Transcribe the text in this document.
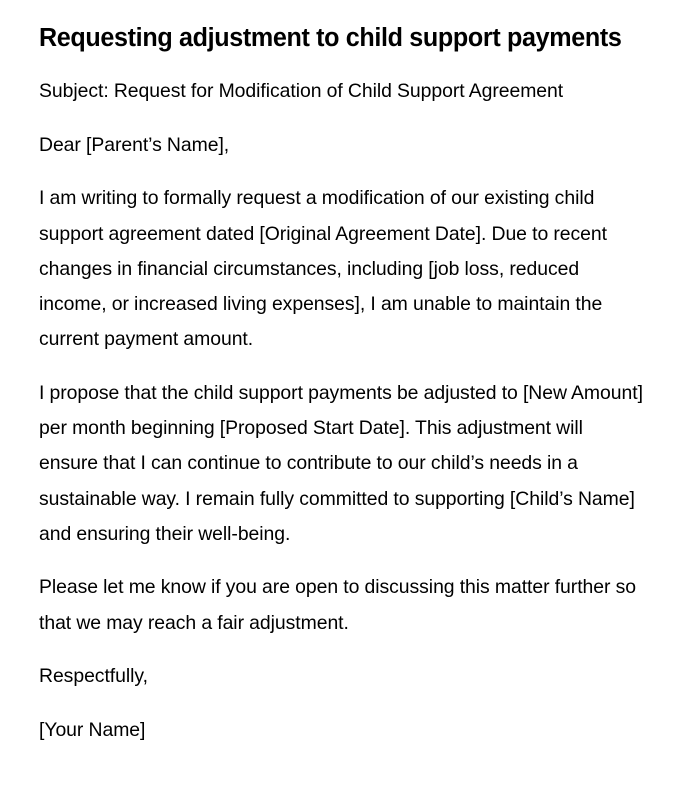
Requesting adjustment to child support payments

Subject: Request for Modification of Child Support Agreement

Dear [Parent’s Name],

I am writing to formally request a modification of our existing child support agreement dated [Original Agreement Date]. Due to recent changes in financial circumstances, including [job loss, reduced income, or increased living expenses], I am unable to maintain the current payment amount.

I propose that the child support payments be adjusted to [New Amount] per month beginning [Proposed Start Date]. This adjustment will ensure that I can continue to contribute to our child’s needs in a sustainable way. I remain fully committed to supporting [Child’s Name] and ensuring their well-being.

Please let me know if you are open to discussing this matter further so that we may reach a fair adjustment.

Respectfully,

[Your Name]
